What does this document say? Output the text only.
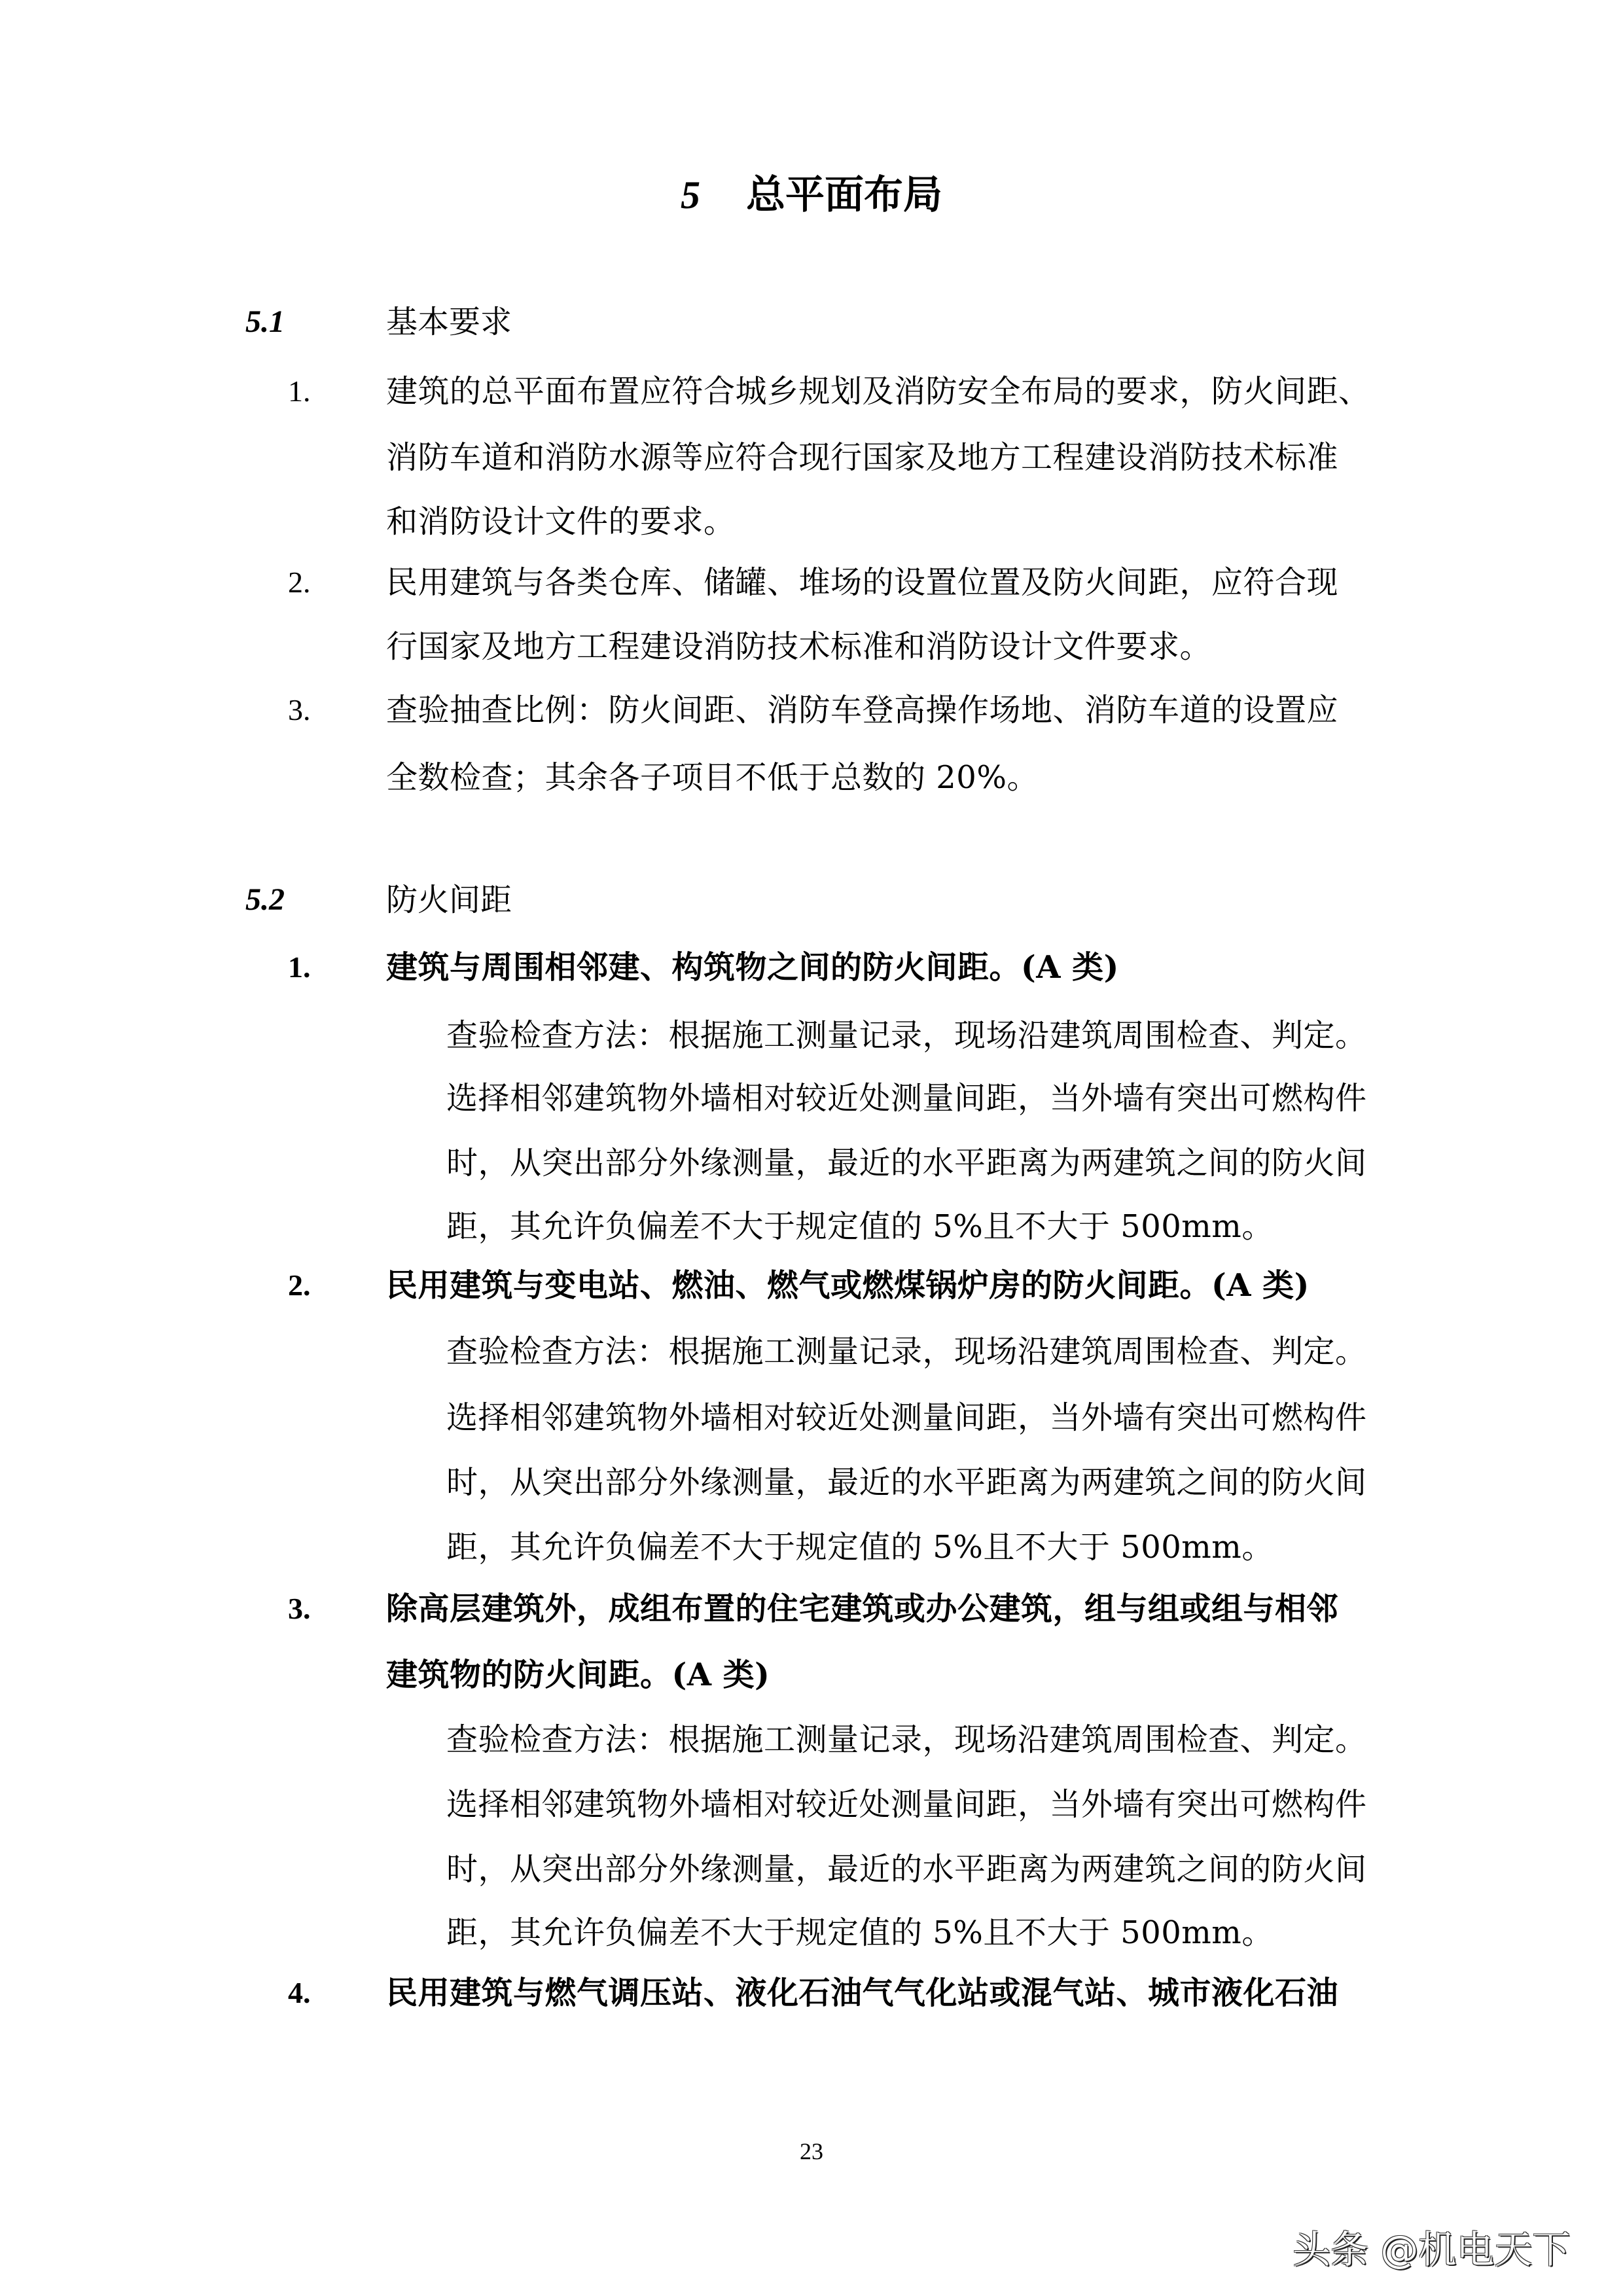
5 总平面布局
5.1	基本要求
1. 建筑的总平面布置应符合城乡规划及消防安全布局的要求，防火间距、
消防车道和消防水源等应符合现行国家及地方工程建设消防技术标准
和消防设计文件的要求。
2. 民用建筑与各类仓库、储罐、堆场的设置位置及防火间距，应符合现
行国家及地方工程建设消防技术标准和消防设计文件要求。
3. 查验抽查比例：防火间距、消防车登高操作场地、消防车道的设置应
全数检查；其余各子项目不低于总数的 20%。
5.2	防火间距
1. 建筑与周围相邻建、构筑物之间的防火间距。(A 类)
查验检查方法：根据施工测量记录，现场沿建筑周围检查、判定。
选择相邻建筑物外墙相对较近处测量间距，当外墙有突出可燃构件
时，从突出部分外缘测量，最近的水平距离为两建筑之间的防火间
距，其允许负偏差不大于规定值的 5%且不大于 500mm。
2. 民用建筑与变电站、燃油、燃气或燃煤锅炉房的防火间距。(A 类)
查验检查方法：根据施工测量记录，现场沿建筑周围检查、判定。
选择相邻建筑物外墙相对较近处测量间距，当外墙有突出可燃构件
时，从突出部分外缘测量，最近的水平距离为两建筑之间的防火间
距，其允许负偏差不大于规定值的 5%且不大于 500mm。
3. 除高层建筑外，成组布置的住宅建筑或办公建筑，组与组或组与相邻
建筑物的防火间距。(A 类)
查验检查方法：根据施工测量记录，现场沿建筑周围检查、判定。
选择相邻建筑物外墙相对较近处测量间距，当外墙有突出可燃构件
时，从突出部分外缘测量，最近的水平距离为两建筑之间的防火间
距，其允许负偏差不大于规定值的 5%且不大于 500mm。
4. 民用建筑与燃气调压站、液化石油气气化站或混气站、城市液化石油
23
头条 @机电天下
